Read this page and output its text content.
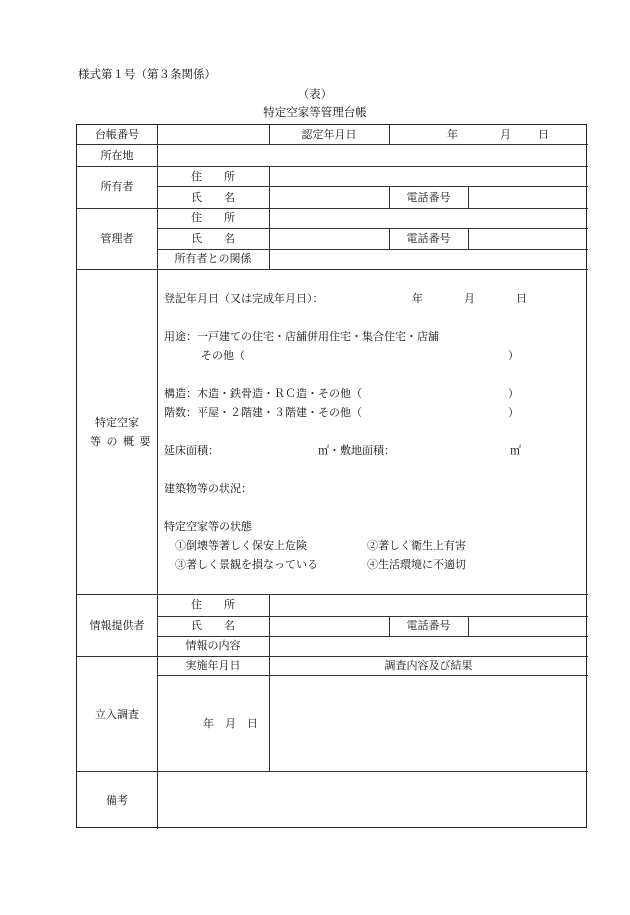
様式第１号（第３条関係）
（表）
特定空家等管理台帳
台帳番号	認定年月日	年	月 日
所在地
所有者
住　　所
氏　　名	電話番号
管理者
住　　所
氏　　名	電話番号
所有者との関係
特定空家
等の概要
登記年月日（又は完成年月日）：	年	月	日
用途：一戸建ての住宅・店舗併用住宅・集合住宅・店舗
その他（	）
構造：木造・鉄骨造・ＲＣ造・その他（	）
階数：平屋・２階建・３階建・その他（	）
延床面積：	㎡・敷地面積：	㎡
建築物等の状況：
特定空家等の状態
①倒壊等著しく保安上危険	②著しく衛生上有害
③著しく景観を損なっている	④生活環境に不適切
情報提供者
住　　所
氏　　名	電話番号
情報の内容
立入調査
実施年月日	調査内容及び結果
年　月　日
備考
